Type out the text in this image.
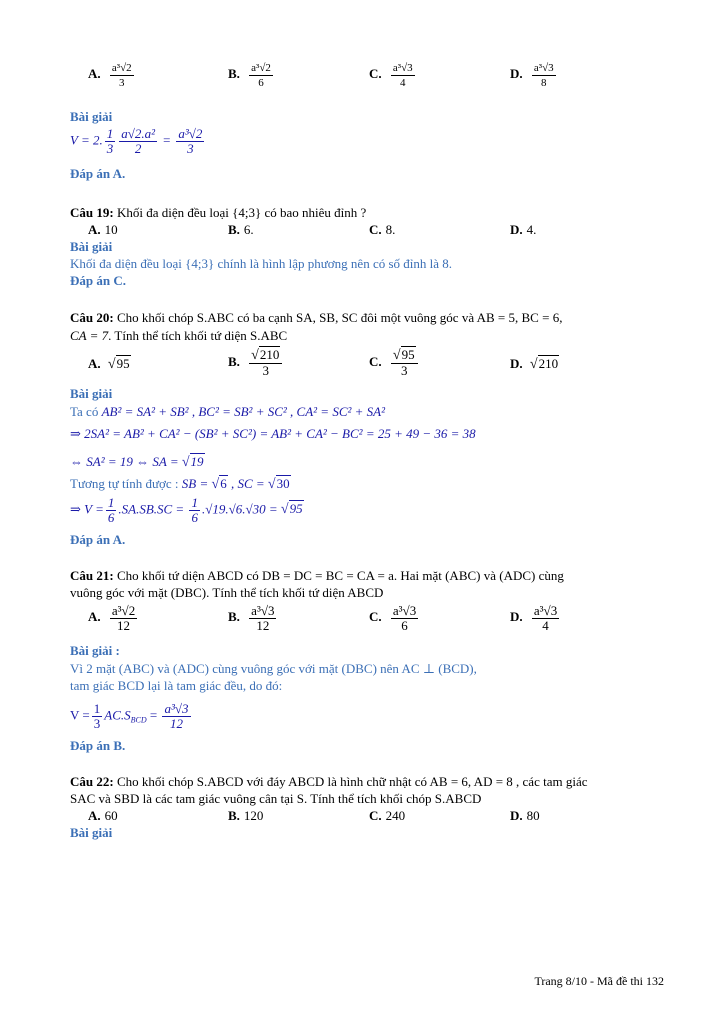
A. $\frac{\text{a³√2}}{3}$	B. $\frac{\text{a³√2}}{6}$	C. $\frac{\text{a³√3}}{4}$	D. $\frac{\text{a³√3}}{8}$
Bài giải
V = 2. $\frac{1}{3} \frac{\text{a√2.a²}}{2} = \frac{\text{a³√2}}{3}$
Đáp án A.
Câu 19: Khối đa diện đều loại {4;3} có bao nhiêu đỉnh ?
A. 10	B. 6.	C. 8.	D. 4.
Bài giải
Khối đa diện đều loại {4;3} chính là hình lập phương nên có số đỉnh là 8.
Đáp án C.
Câu 20: Cho khối chóp S.ABC có ba cạnh SA, SB, SC đôi một vuông góc và AB = 5, BC = 6,
CA = 7. Tính thể tích khối tứ diện S.ABC
A. √95	B. $\frac{√210}{3}$	C. $\frac{√95}{3}$	D. √210
Bài giải
Ta có AB² = SA² + SB² , BC² = SB² + SC² , CA² = SC² + SA²
⇒ 2SA² = AB² + CA² − (SB² + SC²) = AB² + CA² − BC² = 25 + 49 − 36 = 38
⇔ SA² = 19 ⇔ SA = √19
Tương tự tính được : SB = √6 , SC = √30
⇒ $V = \frac{1}{6} .SA.SB.SC = \frac{1}{6} .√19.√6.√30 = √95$
Đáp án A.
Câu 21: Cho khối tứ diện ABCD có DB = DC = BC = CA = a. Hai mặt (ABC) và (ADC) cùng
vuông góc với mặt (DBC). Tính thể tích khối tứ diện ABCD
A. $\frac{\text{a³√2}}{12}$	B. $\frac{\text{a³√3}}{12}$	C. $\frac{\text{a³√3}}{6}$	D. $\frac{\text{a³√3}}{4}$
Bài giải :
Vì 2 mặt (ABC) và (ADC) cùng vuông góc với mặt (DBC) nên AC ⊥ (BCD),
tam giác BCD lại là tam giác đều, do đó:
$V = \frac{1}{3} AC.S_{BCD} = \frac{\text{a³√3}}{12}$
Đáp án B.
Câu 22: Cho khối chóp S.ABCD với đáy ABCD là hình chữ nhật có AB = 6, AD = 8 , các tam giác
SAC và SBD là các tam giác vuông cân tại S. Tính thể tích khối chóp S.ABCD
A. 60	B. 120	C. 240	D. 80
Bài giải
Trang 8/10 - Mã đề thi 132
